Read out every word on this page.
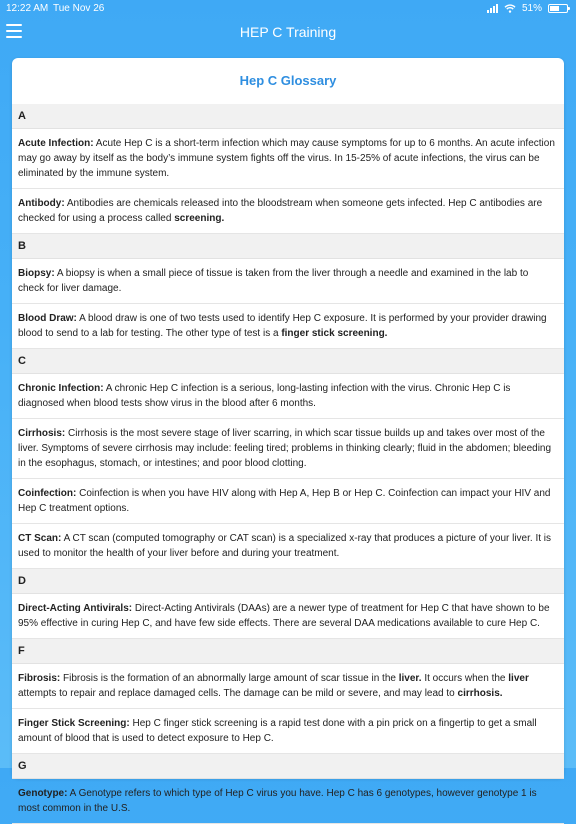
12:22 AM Tue Nov 26	51%
HEP C Training
Hep C Glossary
A
Acute Infection: Acute Hep C is a short-term infection which may cause symptoms for up to 6 months. An acute infection may go away by itself as the body’s immune system fights off the virus. In 15-25% of acute infections, the virus can be eliminated by the immune system.
Antibody: Antibodies are chemicals released into the bloodstream when someone gets infected. Hep C antibodies are checked for using a process called screening.
B
Biopsy: A biopsy is when a small piece of tissue is taken from the liver through a needle and examined in the lab to check for liver damage.
Blood Draw: A blood draw is one of two tests used to identify Hep C exposure. It is performed by your provider drawing blood to send to a lab for testing. The other type of test is a finger stick screening.
C
Chronic Infection: A chronic Hep C infection is a serious, long-lasting infection with the virus. Chronic Hep C is diagnosed when blood tests show virus in the blood after 6 months.
Cirrhosis: Cirrhosis is the most severe stage of liver scarring, in which scar tissue builds up and takes over most of the liver. Symptoms of severe cirrhosis may include: feeling tired; problems in thinking clearly; fluid in the abdomen; bleeding in the esophagus, stomach, or intestines; and poor blood clotting.
Coinfection: Coinfection is when you have HIV along with Hep A, Hep B or Hep C. Coinfection can impact your HIV and Hep C treatment options.
CT Scan: A CT scan (computed tomography or CAT scan) is a specialized x-ray that produces a picture of your liver. It is used to monitor the health of your liver before and during your treatment.
D
Direct-Acting Antivirals: Direct-Acting Antivirals (DAAs) are a newer type of treatment for Hep C that have shown to be 95% effective in curing Hep C, and have few side effects. There are several DAA medications available to cure Hep C.
F
Fibrosis: Fibrosis is the formation of an abnormally large amount of scar tissue in the liver. It occurs when the liver attempts to repair and replace damaged cells. The damage can be mild or severe, and may lead to cirrhosis.
Finger Stick Screening: Hep C finger stick screening is a rapid test done with a pin prick on a fingertip to get a small amount of blood that is used to detect exposure to Hep C.
G
Genotype: A Genotype refers to which type of Hep C virus you have. Hep C has 6 genotypes, however genotype 1 is most common in the U.S.
